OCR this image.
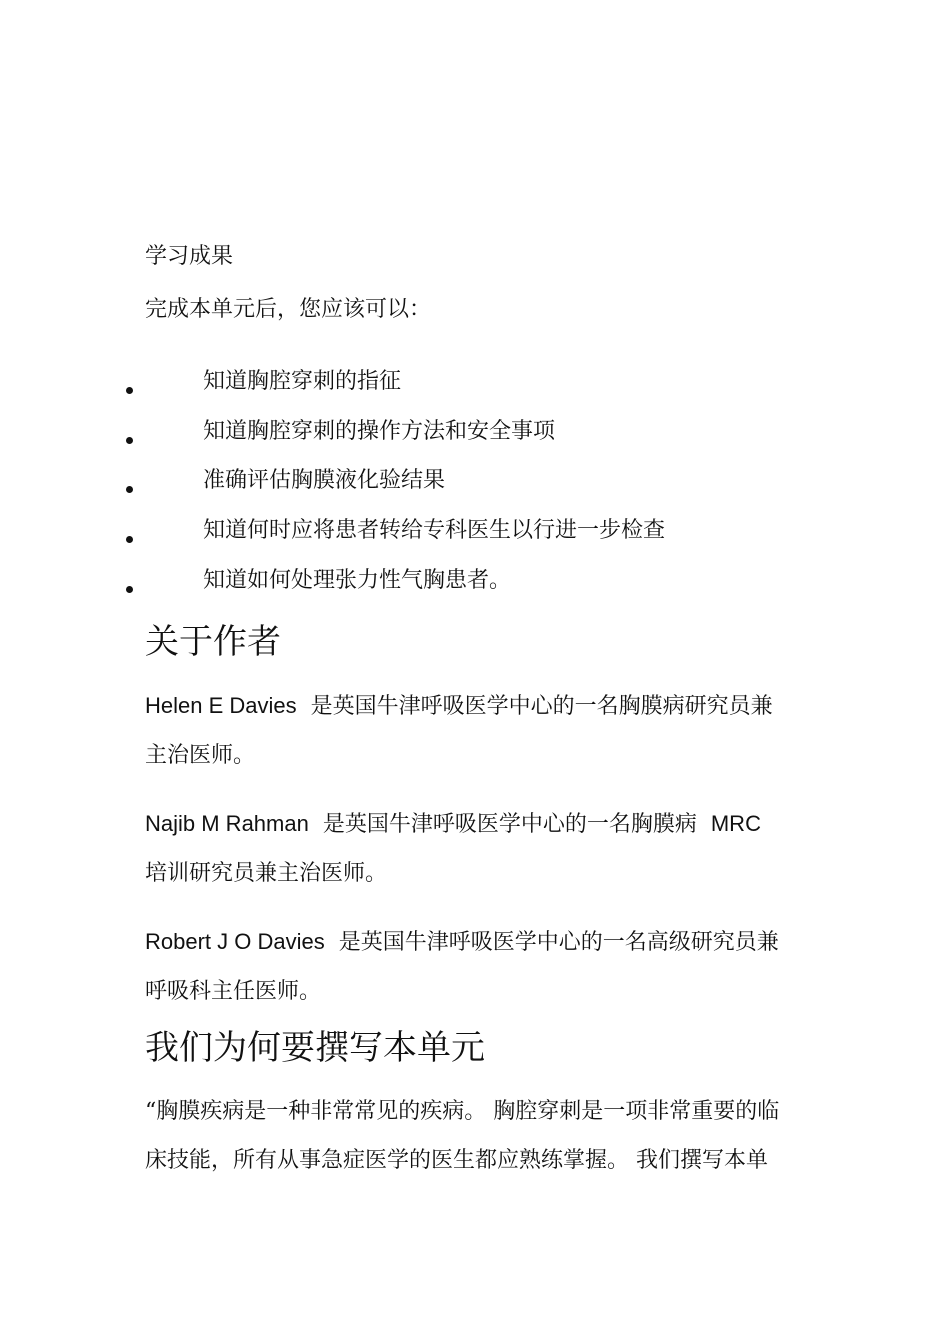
学习成果
完成本单元后，您应该可以：
知道胸腔穿刺的指征
知道胸腔穿刺的操作方法和安全事项
准确评估胸膜液化验结果
知道何时应将患者转给专科医生以行进一步检查
知道如何处理张力性气胸患者。
关于作者

Helen E Davies 是英国牛津呼吸医学中心的一名胸膜病研究员兼
主治医师。

Najib M Rahman 是英国牛津呼吸医学中心的一名胸膜病 MRC
培训研究员兼主治医师。

Robert J O Davies 是英国牛津呼吸医学中心的一名高级研究员兼
呼吸科主任医师。

我们为何要撰写本单元

“胸膜疾病是一种非常常见的疾病。 胸腔穿刺是一项非常重要的临
床技能，所有从事急症医学的医生都应熟练掌握。 我们撰写本单
